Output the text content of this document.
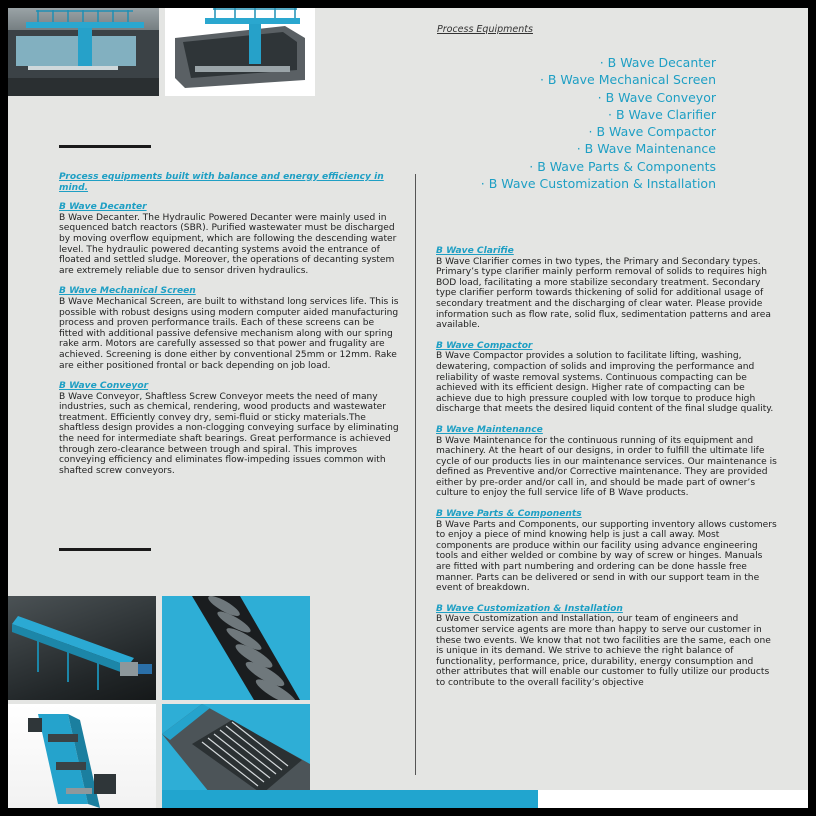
Process Equipments

· B Wave Decanter
· B Wave Mechanical Screen
· B Wave Conveyor
· B Wave Clarifier
· B Wave Compactor
· B Wave Maintenance
· B Wave Parts & Components
· B Wave Customization & Installation

Process equipments built with balance and energy efficiency in mind.

B Wave Decanter

B Wave Decanter. The Hydraulic Powered Decanter were mainly used in sequenced batch reactors (SBR). Purified wastewater must be discharged by moving overflow equipment, which are following the descending water level. The hydraulic powered decanting systems avoid the entrance of floated and settled sludge. Moreover, the operations of decanting system are extremely reliable due to sensor driven hydraulics.

B Wave Mechanical Screen

B Wave Mechanical Screen, are built to withstand long services life. This is possible with robust designs using modern computer aided manufacturing process and proven performance trails. Each of these screens can be fitted with additional passive defensive mechanism along with our spring rake arm. Motors are carefully assessed so that power and frugality are achieved. Screening is done either by conventional 25mm or 12mm. Rake are either positioned frontal or back depending on job load.

B Wave Conveyor

B Wave Conveyor, Shaftless Screw Conveyor meets the need of many industries, such as chemical, rendering, wood products and wastewater treatment. Efficiently convey dry, semi-fluid or sticky materials.The shaftless design provides a non-clogging conveying surface by eliminating the need for intermediate shaft bearings. Great performance is achieved through zero-clearance between trough and spiral. This improves conveying efficiency and eliminates flow-impeding issues common with shafted screw conveyors.

B Wave Clarifie

B Wave Clarifier comes in two types, the Primary and Secondary types. Primary’s type clarifier mainly perform removal of solids to requires high BOD load, facilitating a more stabilize secondary treatment. Secondary type clarifier perform towards thickening of solid for additional usage of secondary treatment and the discharging of clear water. Please provide information such as flow rate, solid flux, sedimentation patterns and area available.

B Wave Compactor

B Wave Compactor provides a solution to facilitate lifting, washing, dewatering, compaction of solids and improving the performance and reliability of waste removal systems. Continuous compacting can be achieved with its efficient design. Higher rate of compacting can be achieve due to high pressure coupled with low torque to produce high discharge that meets the desired liquid content of the final sludge quality.

B Wave Maintenance

B Wave Maintenance for the continuous running of its equipment and machinery. At the heart of our designs, in order to fulfill the ultimate life cycle of our products lies in our maintenance services. Our maintenance is defined as Preventive and/or Corrective maintenance. They are provided either by pre-order and/or call in, and should be made part of owner’s culture to enjoy the full service life of B Wave products.

B Wave Parts & Components

B Wave Parts and Components, our supporting inventory allows customers to enjoy a piece of mind knowing help is just a call away. Most components are produce within our facility using advance engineering tools and either welded or combine by way of screw or hinges. Manuals are fitted with part numbering and ordering can be done hassle free manner. Parts can be delivered or send in with our support team in the event of breakdown.

B Wave Customization & Installation

B Wave Customization and Installation, our team of engineers and customer service agents are more than happy to serve our customer in these two events. We know that not two facilities are the same, each one is unique in its demand. We strive to achieve the right balance of functionality, performance, price, durability, energy consumption and other attributes that will enable our customer to fully utilize our products to contribute to the overall facility’s objective
